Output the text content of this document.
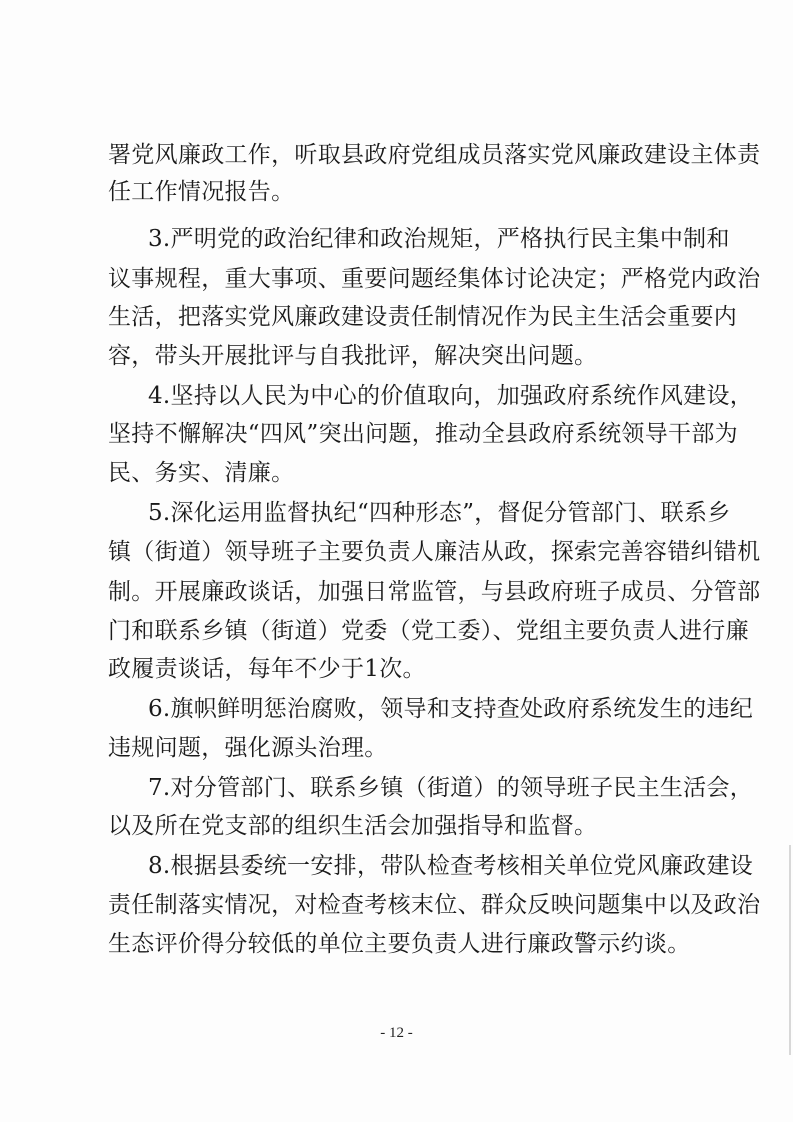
署党风廉政工作，听取县政府党组成员落实党风廉政建设主体责
任工作情况报告。
3.严明党的政治纪律和政治规矩，严格执行民主集中制和
议事规程，重大事项、重要问题经集体讨论决定；严格党内政治
生活，把落实党风廉政建设责任制情况作为民主生活会重要内
容，带头开展批评与自我批评，解决突出问题。
4.坚持以人民为中心的价值取向，加强政府系统作风建设，
坚持不懈解决“四风”突出问题，推动全县政府系统领导干部为
民、务实、清廉。
5.深化运用监督执纪“四种形态”，督促分管部门、联系乡
镇（街道）领导班子主要负责人廉洁从政，探索完善容错纠错机
制。开展廉政谈话，加强日常监管，与县政府班子成员、分管部
门和联系乡镇（街道）党委（党工委）、党组主要负责人进行廉
政履责谈话，每年不少于1次。
6.旗帜鲜明惩治腐败，领导和支持查处政府系统发生的违纪
违规问题，强化源头治理。
7.对分管部门、联系乡镇（街道）的领导班子民主生活会，
以及所在党支部的组织生活会加强指导和监督。
8.根据县委统一安排，带队检查考核相关单位党风廉政建设
责任制落实情况，对检查考核末位、群众反映问题集中以及政治
生态评价得分较低的单位主要负责人进行廉政警示约谈。
- 12 -
